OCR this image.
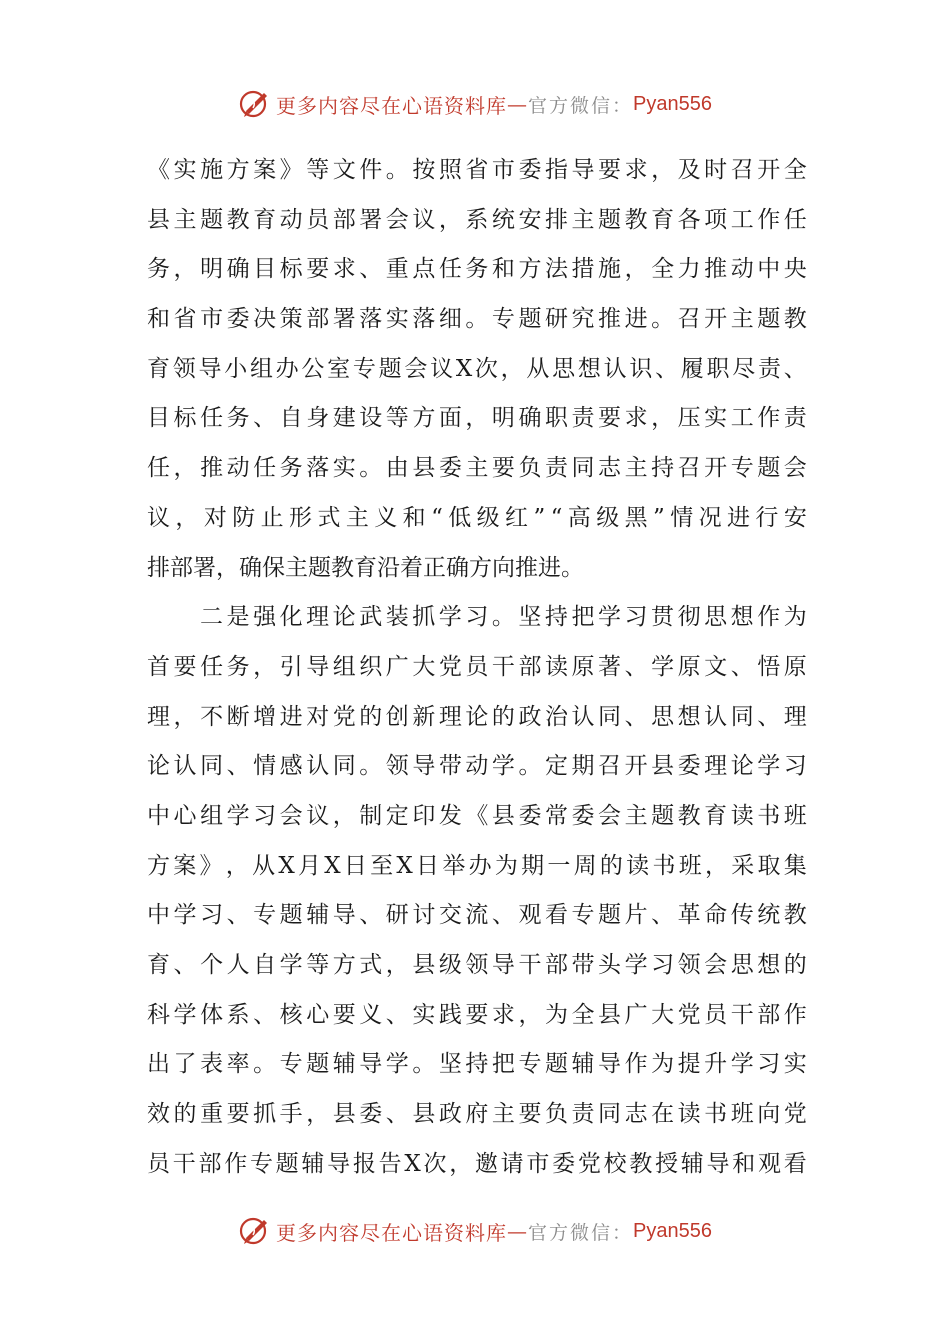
更多内容尽在心语资料库 — 官方微信： Pyan556
《 实 施 方 案 》 等 文 件 。 按 照 省 市 委 指 导 要 求 ， 及 时 召 开 全
县 主 题 教 育 动 员 部 署 会 议 ， 系 统 安 排 主 题 教 育 各 项 工 作 任
务 ， 明 确 目 标 要 求 、 重 点 任 务 和 方 法 措 施 ， 全 力 推 动 中 央
和 省 市 委 决 策 部 署 落 实 落 细 。 专 题 研 究 推 进 。 召 开 主 题 教
育 领 导 小 组 办 公 室 专 题 会 议 X 次 ， 从 思 想 认 识 、 履 职 尽 责 、
目 标 任 务 、 自 身 建 设 等 方 面 ， 明 确 职 责 要 求 ， 压 实 工 作 责
任 ， 推 动 任 务 落 实 。 由 县 委 主 要 负 责 同 志 主 持 召 开 专 题 会
议 ， 对 防 止 形 式 主 义 和 “ 低 级 红 ” “ 高 级 黑 ” 情 况 进 行 安
排部署，确保主题教育沿着正确方向推进。
二 是 强 化 理 论 武 装 抓 学 习 。 坚 持 把 学 习 贯 彻 思 想 作 为
首 要 任 务 ， 引 导 组 织 广 大 党 员 干 部 读 原 著 、 学 原 文 、 悟 原
理 ， 不 断 增 进 对 党 的 创 新 理 论 的 政 治 认 同 、 思 想 认 同 、 理
论 认 同 、 情 感 认 同 。 领 导 带 动 学 。 定 期 召 开 县 委 理 论 学 习
中 心 组 学 习 会 议 ， 制 定 印 发 《 县 委 常 委 会 主 题 教 育 读 书 班
方 案 》 ， 从 X 月 X 日 至 X 日 举 办 为 期 一 周 的 读 书 班 ， 采 取 集
中 学 习 、 专 题 辅 导 、 研 讨 交 流 、 观 看 专 题 片 、 革 命 传 统 教
育 、 个 人 自 学 等 方 式 ， 县 级 领 导 干 部 带 头 学 习 领 会 思 想 的
科 学 体 系 、 核 心 要 义 、 实 践 要 求 ， 为 全 县 广 大 党 员 干 部 作
出 了 表 率 。 专 题 辅 导 学 。 坚 持 把 专 题 辅 导 作 为 提 升 学 习 实
效 的 重 要 抓 手 ， 县 委 、 县 政 府 主 要 负 责 同 志 在 读 书 班 向 党
员 干 部 作 专 题 辅 导 报 告 X 次 ， 邀 请 市 委 党 校 教 授 辅 导 和 观 看
更多内容尽在心语资料库 — 官方微信： Pyan556
